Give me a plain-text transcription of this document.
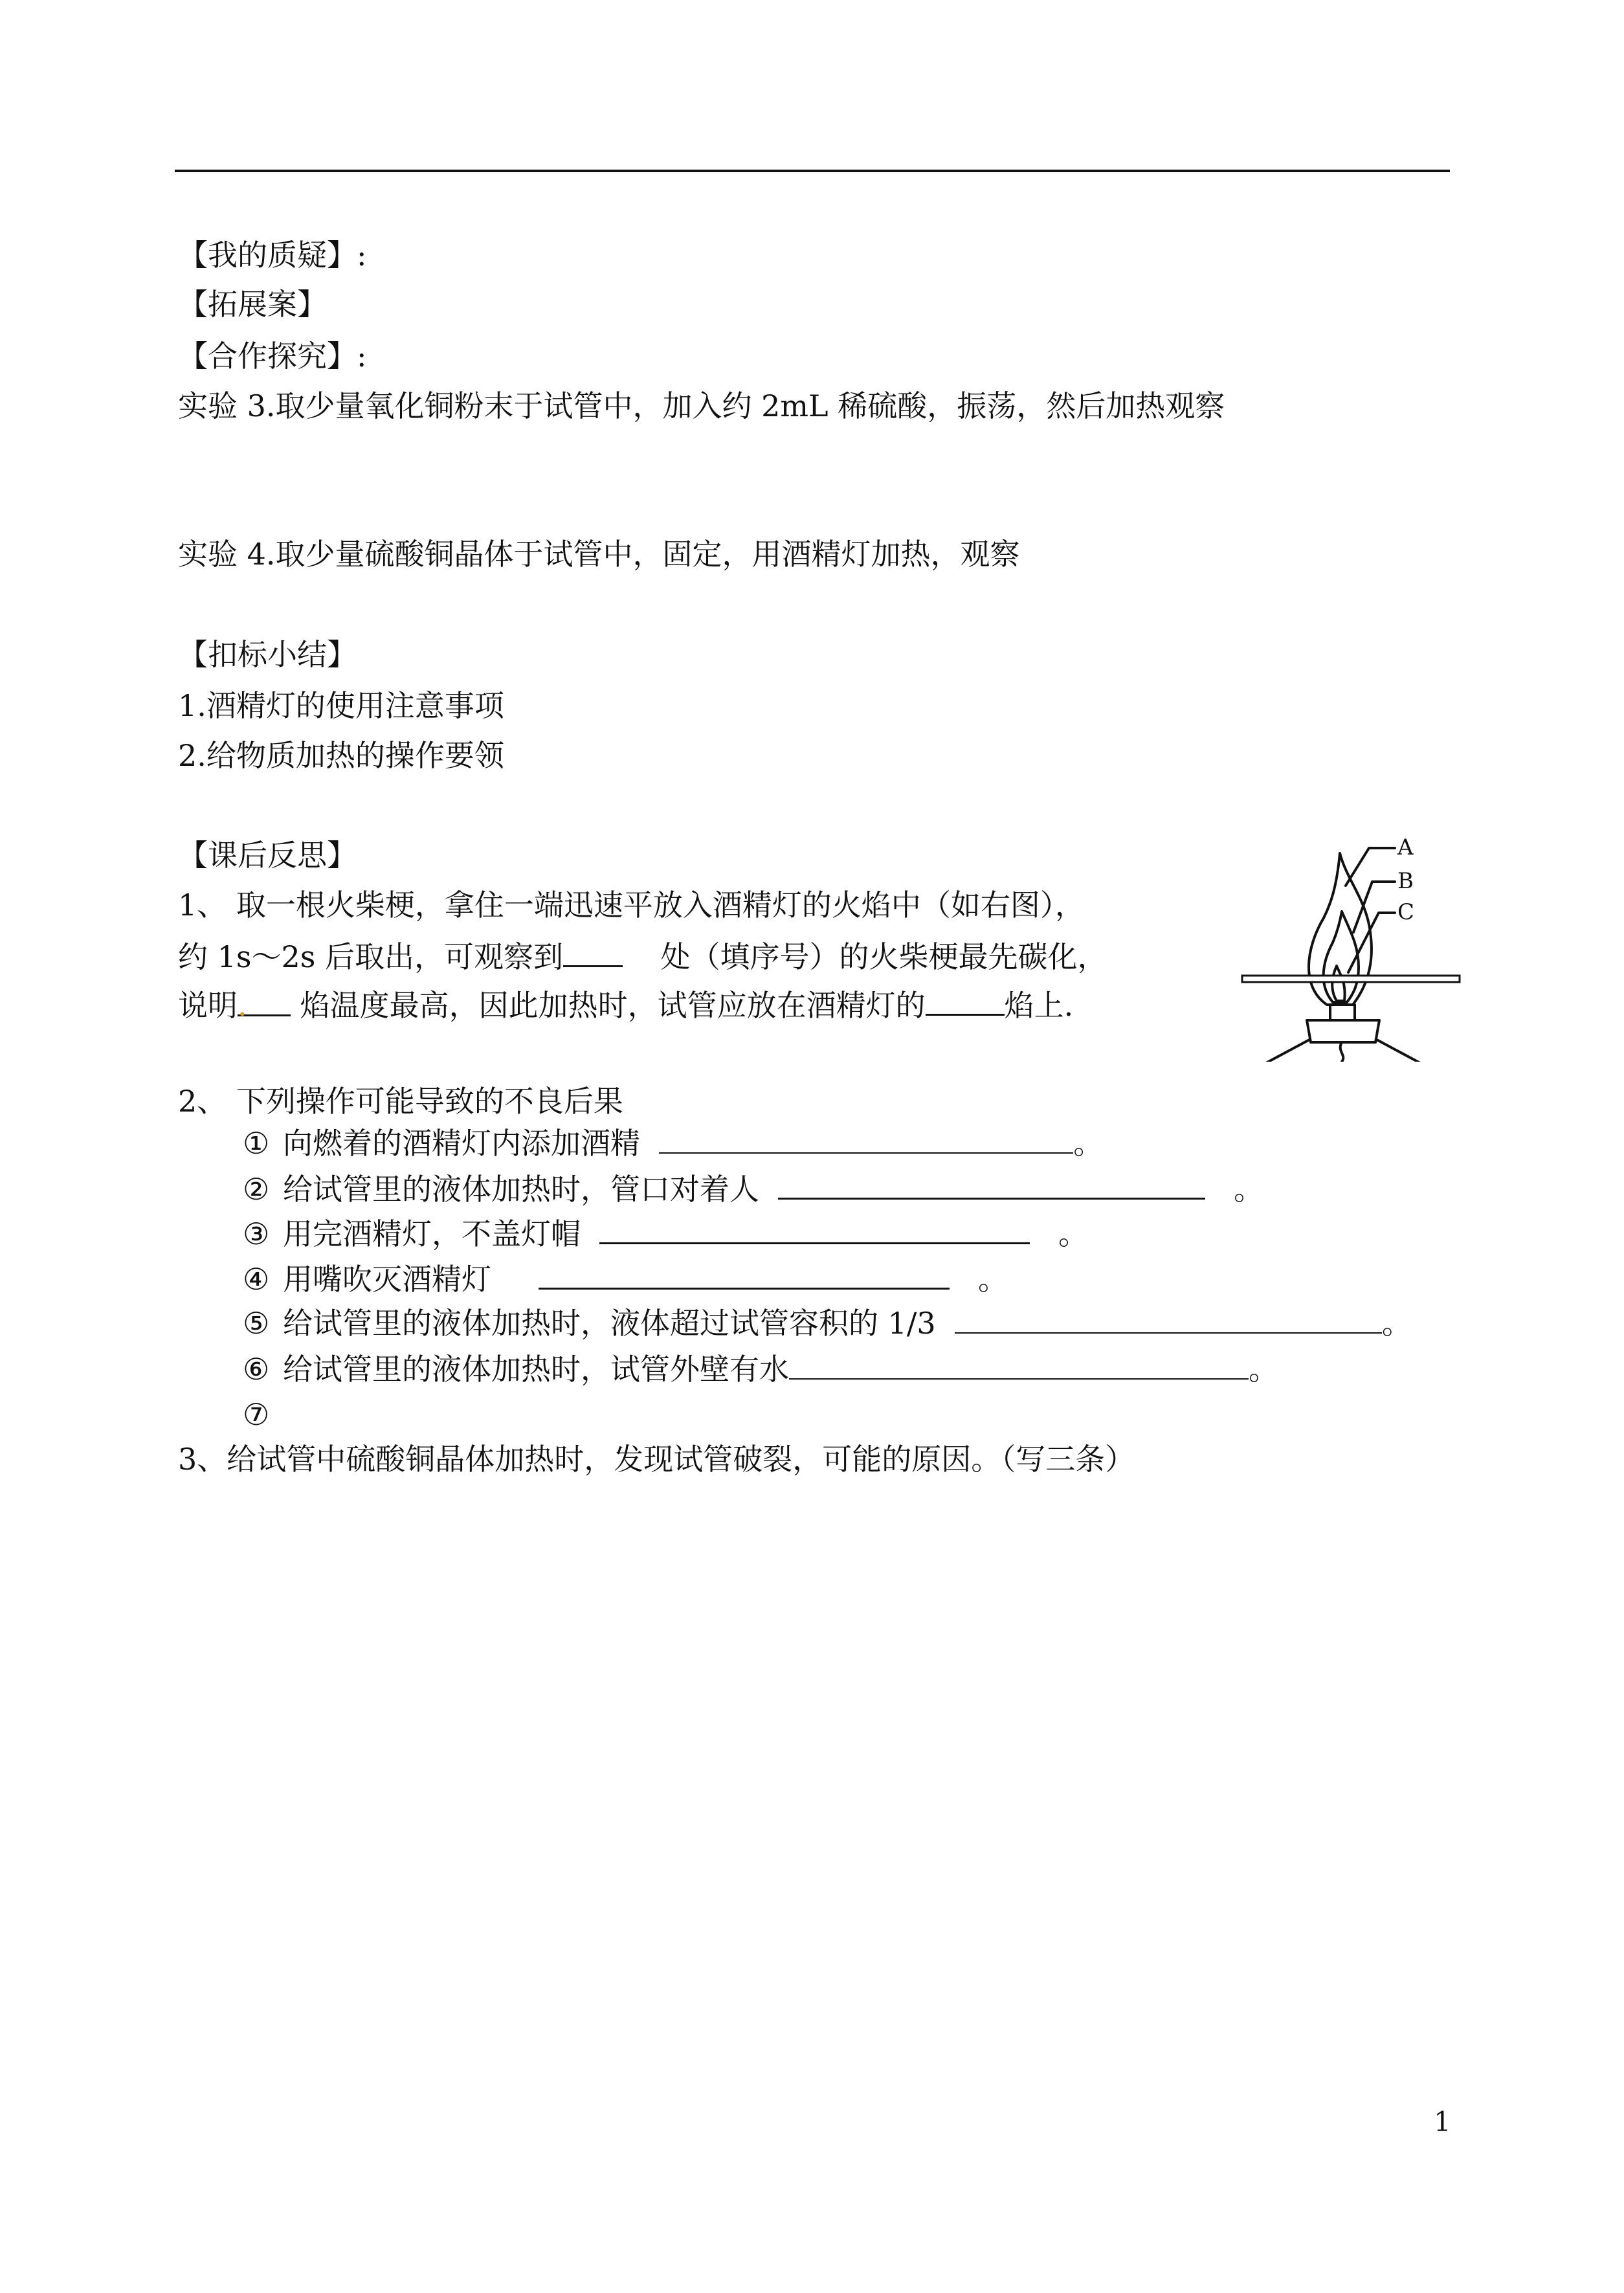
【我的质疑】:
【拓展案】
【合作探究】:
实验 3.取少量氧化铜粉末于试管中，加入约 2mL 稀硫酸，振荡，然后加热观察
实验 4.取少量硫酸铜晶体于试管中，固定，用酒精灯加热，观察
【扣标小结】
1.酒精灯的使用注意事项
2.给物质加热的操作要领
【课后反思】
1、 取一根火柴梗，拿住一端迅速平放入酒精灯的火焰中（如右图），
约 1s～2s 后取出，可观察到	处（填序号）的火柴梗最先碳化，
说明. 焰温度最高，因此加热时，试管应放在酒精灯的	焰上.
A
B
C
2、 下列操作可能导致的不良后果
① 向燃着的酒精灯内添加酒精	。
② 给试管里的液体加热时，管口对着人	。
③ 用完酒精灯，不盖灯帽	。
④ 用嘴吹灭酒精灯	。
⑤ 给试管里的液体加热时，液体超过试管容积的 1/3	。
⑥ 给试管里的液体加热时，试管外壁有水	。
⑦
3、给试管中硫酸铜晶体加热时，发现试管破裂，可能的原因。（写三条）
1
